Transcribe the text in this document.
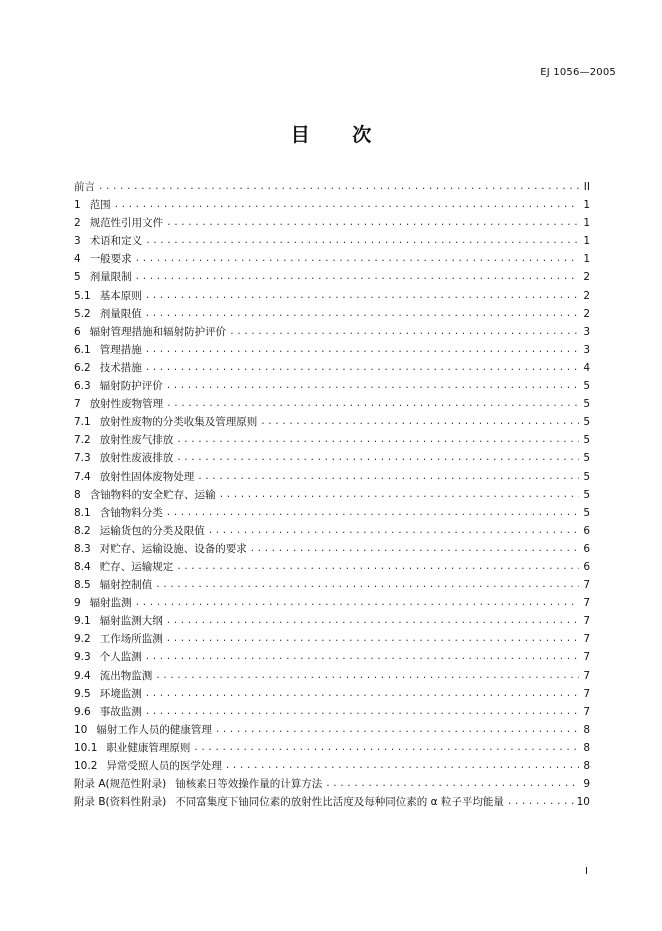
EJ 1056—2005
目 次
前言 .....	II
1 范围 .....	1
2 规范性引用文件 .....	1
3 术语和定义 .....	1
4 一般要求 .....	1
5 剂量限制 .....	2
5.1 基本原则 .....	2
5.2 剂量限值 .....	2
6 辐射管理措施和辐射防护评价 .....	3
6.1 管理措施 .....	3
6.2 技术措施 .....	4
6.3 辐射防护评价 .....	5
7 放射性废物管理 .....	5
7.1 放射性废物的分类收集及管理原则 .....	5
7.2 放射性废气排放 .....	5
7.3 放射性废液排放 .....	5
7.4 放射性固体废物处理 .....	5
8 含铀物料的安全贮存、运输 .....	5
8.1 含铀物料分类 .....	5
8.2 运输货包的分类及限值 .....	6
8.3 对贮存、运输设施、设备的要求 .....	6
8.4 贮存、运输规定 .....	6
8.5 辐射控制值 .....	7
9 辐射监测 .....	7
9.1 辐射监测大纲 .....	7
9.2 工作场所监测 .....	7
9.3 个人监测 .....	7
9.4 流出物监测 .....	7
9.5 环境监测 .....	7
9.6 事故监测 .....	7
10 辐射工作人员的健康管理 .....	8
10.1 职业健康管理原则 .....	8
10.2 异常受照人员的医学处理 .....	8
附录 A(规范性附录) 铀核素日等效操作量的计算方法 .....	9
附录 B(资料性附录) 不同富集度下铀同位素的放射性比活度及每种同位素的 α 粒子平均能量 .....	10
I
